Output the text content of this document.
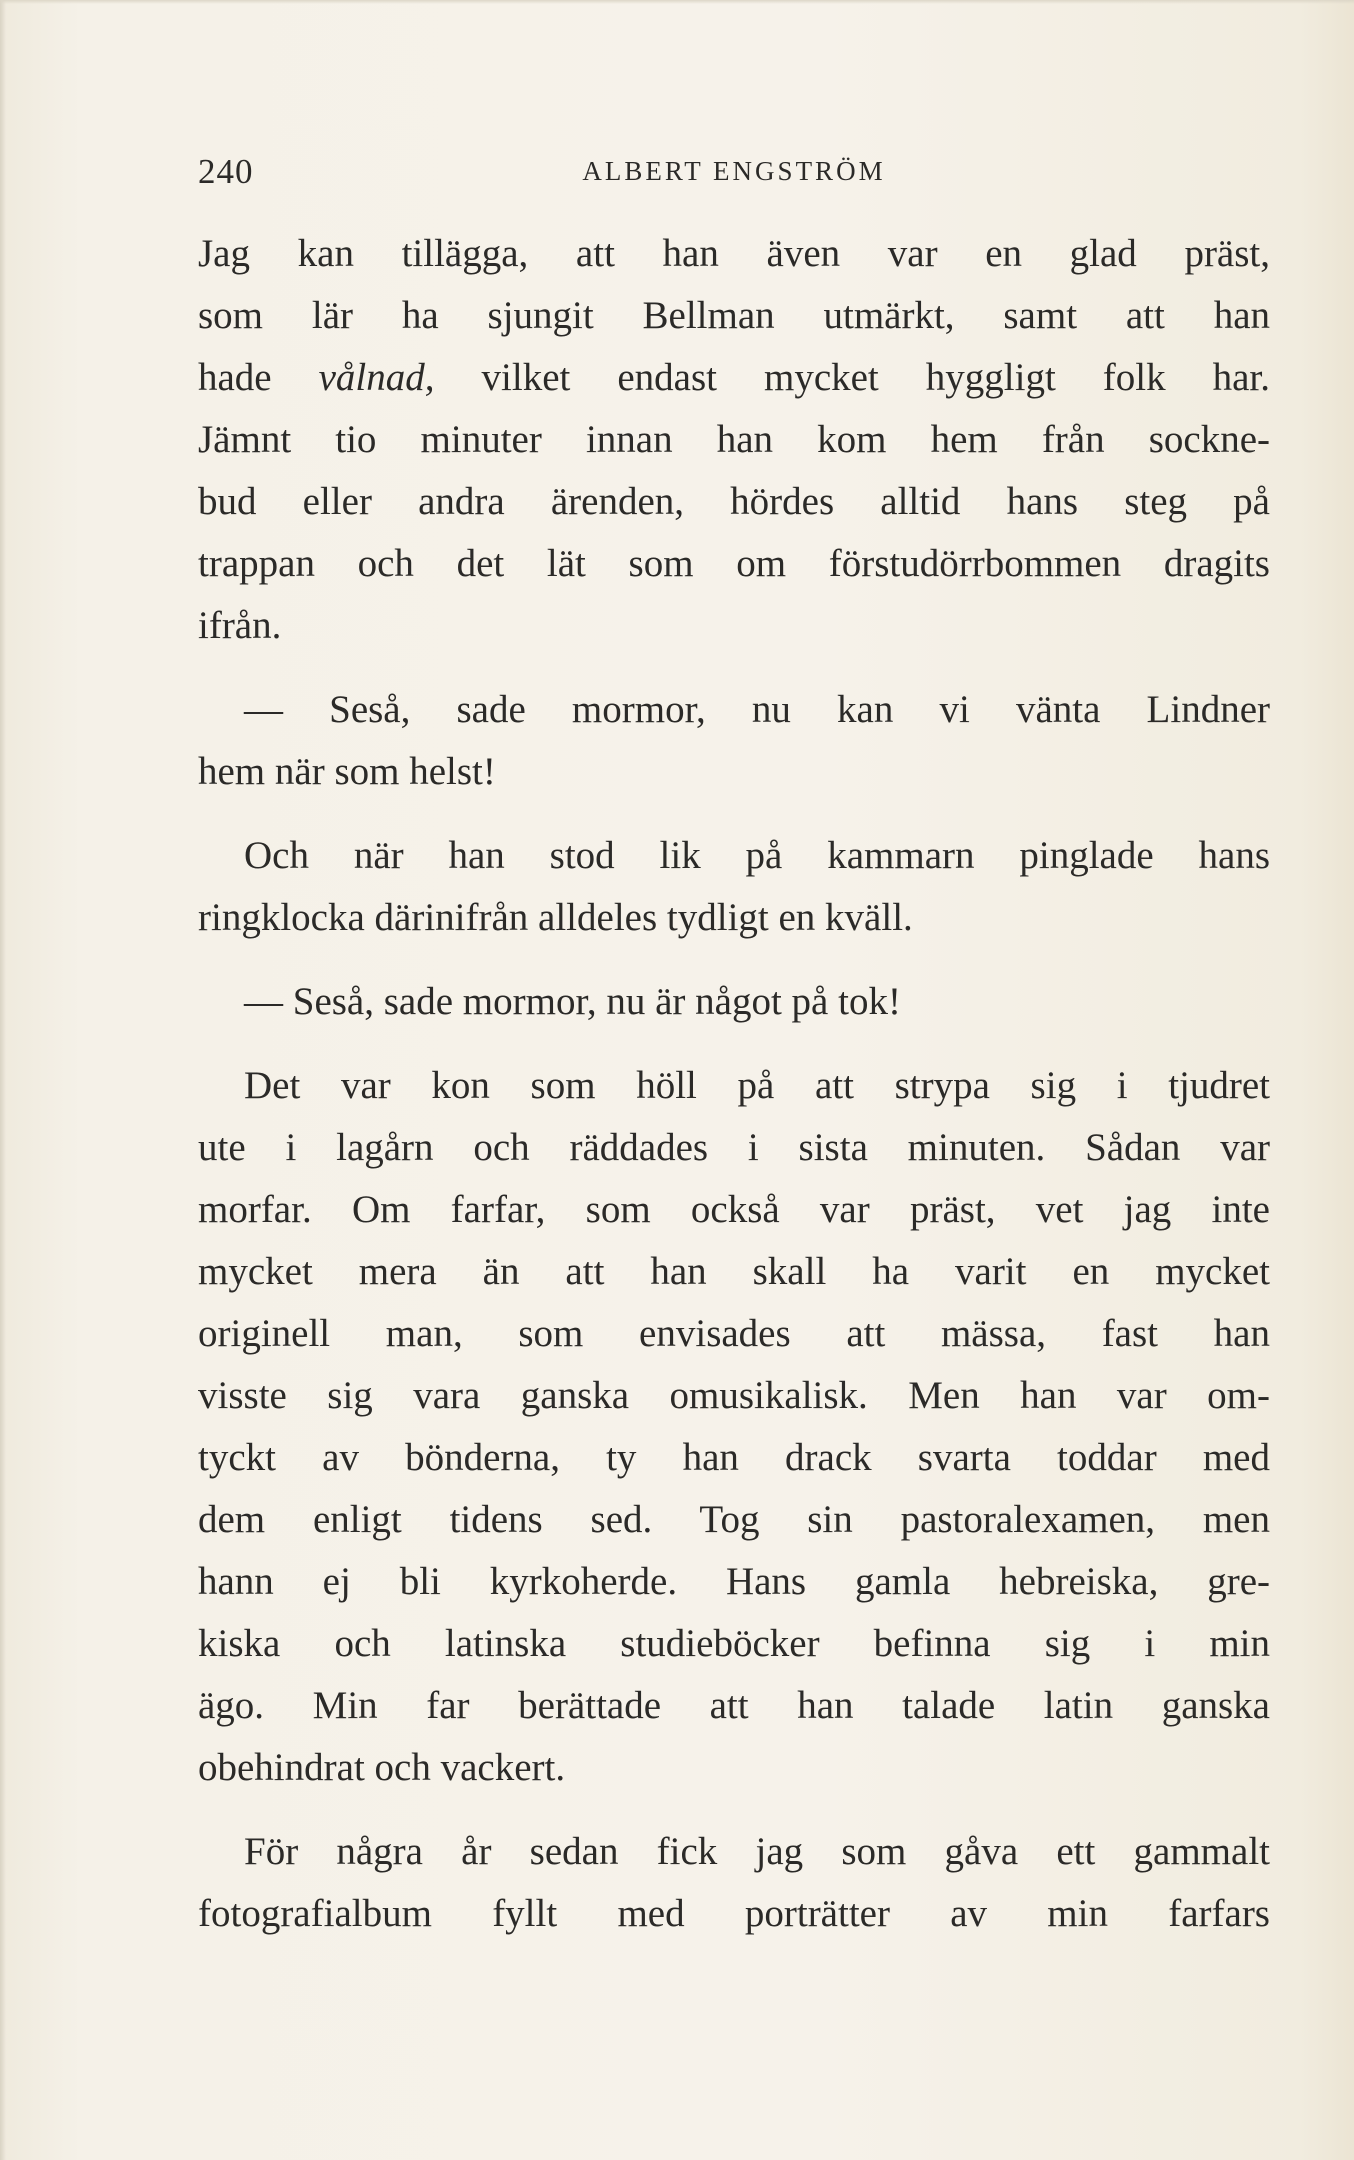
240	ALBERT ENGSTRÖM

Jag kan tillägga, att han även var en glad präst,
som lär ha sjungit Bellman utmärkt, samt att han
hade vålnad, vilket endast mycket hyggligt folk har.
Jämnt tio minuter innan han kom hem från sockne-
bud eller andra ärenden, hördes alltid hans steg på
trappan och det lät som om förstudörrbommen dragits
ifrån.

— Seså, sade mormor, nu kan vi vänta Lindner
hem när som helst!

Och när han stod lik på kammarn pinglade hans
ringklocka därinifrån alldeles tydligt en kväll.

— Seså, sade mormor, nu är något på tok!

Det var kon som höll på att strypa sig i tjudret
ute i lagårn och räddades i sista minuten. Sådan var
morfar. Om farfar, som också var präst, vet jag inte
mycket mera än att han skall ha varit en mycket
originell man, som envisades att mässa, fast han
visste sig vara ganska omusikalisk. Men han var om-
tyckt av bönderna, ty han drack svarta toddar med
dem enligt tidens sed. Tog sin pastoralexamen, men
hann ej bli kyrkoherde. Hans gamla hebreiska, gre-
kiska och latinska studieböcker befinna sig i min
ägo. Min far berättade att han talade latin ganska
obehindrat och vackert.

För några år sedan fick jag som gåva ett gammalt
fotografialbum fyllt med porträtter av min farfars
